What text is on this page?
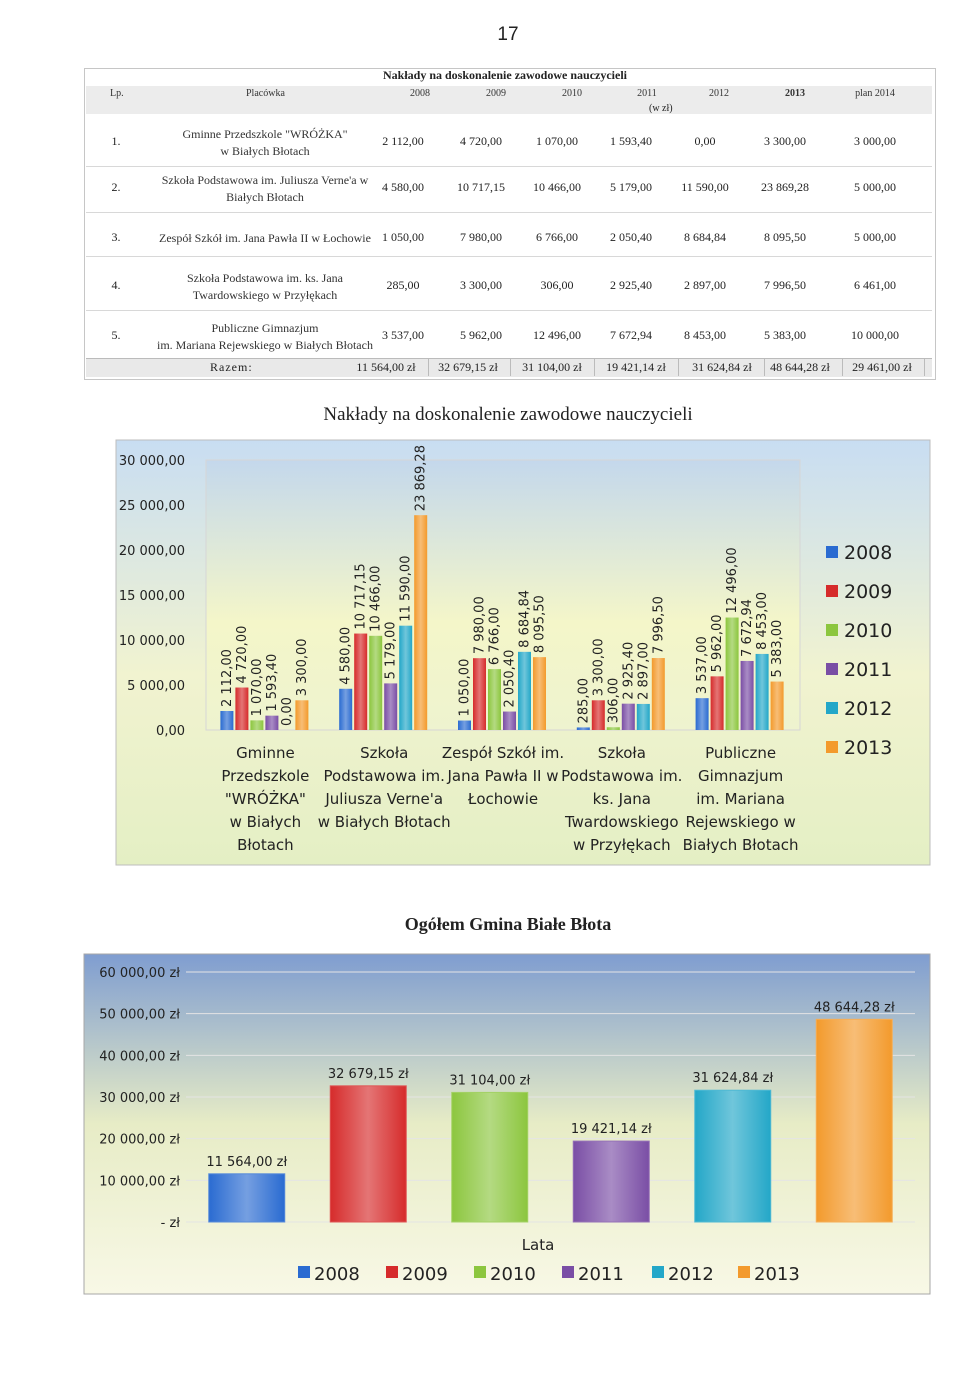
17
Nakłady na doskonalenie zawodowe nauczycieli
Lp.	Placówka	2008	2009	2010	2011	2012	2013	plan 2014
(w zł)
1.	Gminne Przedszkole "WRÓŻKA"
w Białych Błotach
2 112,00	4 720,00	1 070,00	1 593,40	0,00	3 300,00	3 000,00
2.	Szkoła Podstawowa im. Juliusza Verne'a w
Białych Błotach
4 580,00	10 717,15	10 466,00	5 179,00	11 590,00	23 869,28	5 000,00
3.	Zespół Szkół im. Jana Pawła II w Łochowie 1 050,00	7 980,00	6 766,00	2 050,40	8 684,84	8 095,50	5 000,00
4.	Szkoła Podstawowa im. ks. Jana
Twardowskiego w Przyłękach
285,00	3 300,00	306,00	2 925,40	2 897,00	7 996,50	6 461,00
5.	Publiczne Gimnazjum
im. Mariana Rejewskiego w Białych Błotach
3 537,00	5 962,00	12 496,00	7 672,94	8 453,00	5 383,00	10 000,00
Razem:	11 564,00 zł	32 679,15 zł	31 104,00 zł	19 421,14 zł	31 624,84 zł	48 644,28 zł	29 461,00 zł
Nakłady na doskonalenie zawodowe nauczycieli
0,00
5 000,00
10 000,00
15 000,00
20 000,00
25 000,00
30 000,00
2 112,00 4 720,00
1 070,00 1 593,40 0,00
3 300,00
Gminne
Przedszkole
"WRÓŻKA"
w Białych
Błotach
4 580,00
10 717,15 10 466,00
5 179,00
11 590,00
23 869,28
Szkoła
Podstawowa im.
Juliusza Verne'a
w Białych Błotach
1 050,00
7 980,00 6 766,00
2 050,40
8 684,84 8 095,50
Zespół Szkół im.
Jana Pawła II w
Łochowie
285,00
3 300,00
306,00
2 925,40 2 897,00
7 996,50
Szkoła
Podstawowa im.
ks. Jana
Twardowskiego
w Przyłękach
3 537,00 5 962,00
12 496,00
7 672,94 8 453,00 5 383,00
Publiczne
Gimnazjum
im. Mariana
Rejewskiego w
Białych Błotach
2008
2009
2010
2011
2012
2013
Ogółem Gmina Białe Błota
- zł
10 000,00 zł
20 000,00 zł
30 000,00 zł
40 000,00 zł
50 000,00 zł
60 000,00 zł
11 564,00 zł
32 679,15 zł	31 104,00 zł
19 421,14 zł
31 624,84 zł
48 644,28 zł
Lata
2008 2009 2010 2011 2012 2013
